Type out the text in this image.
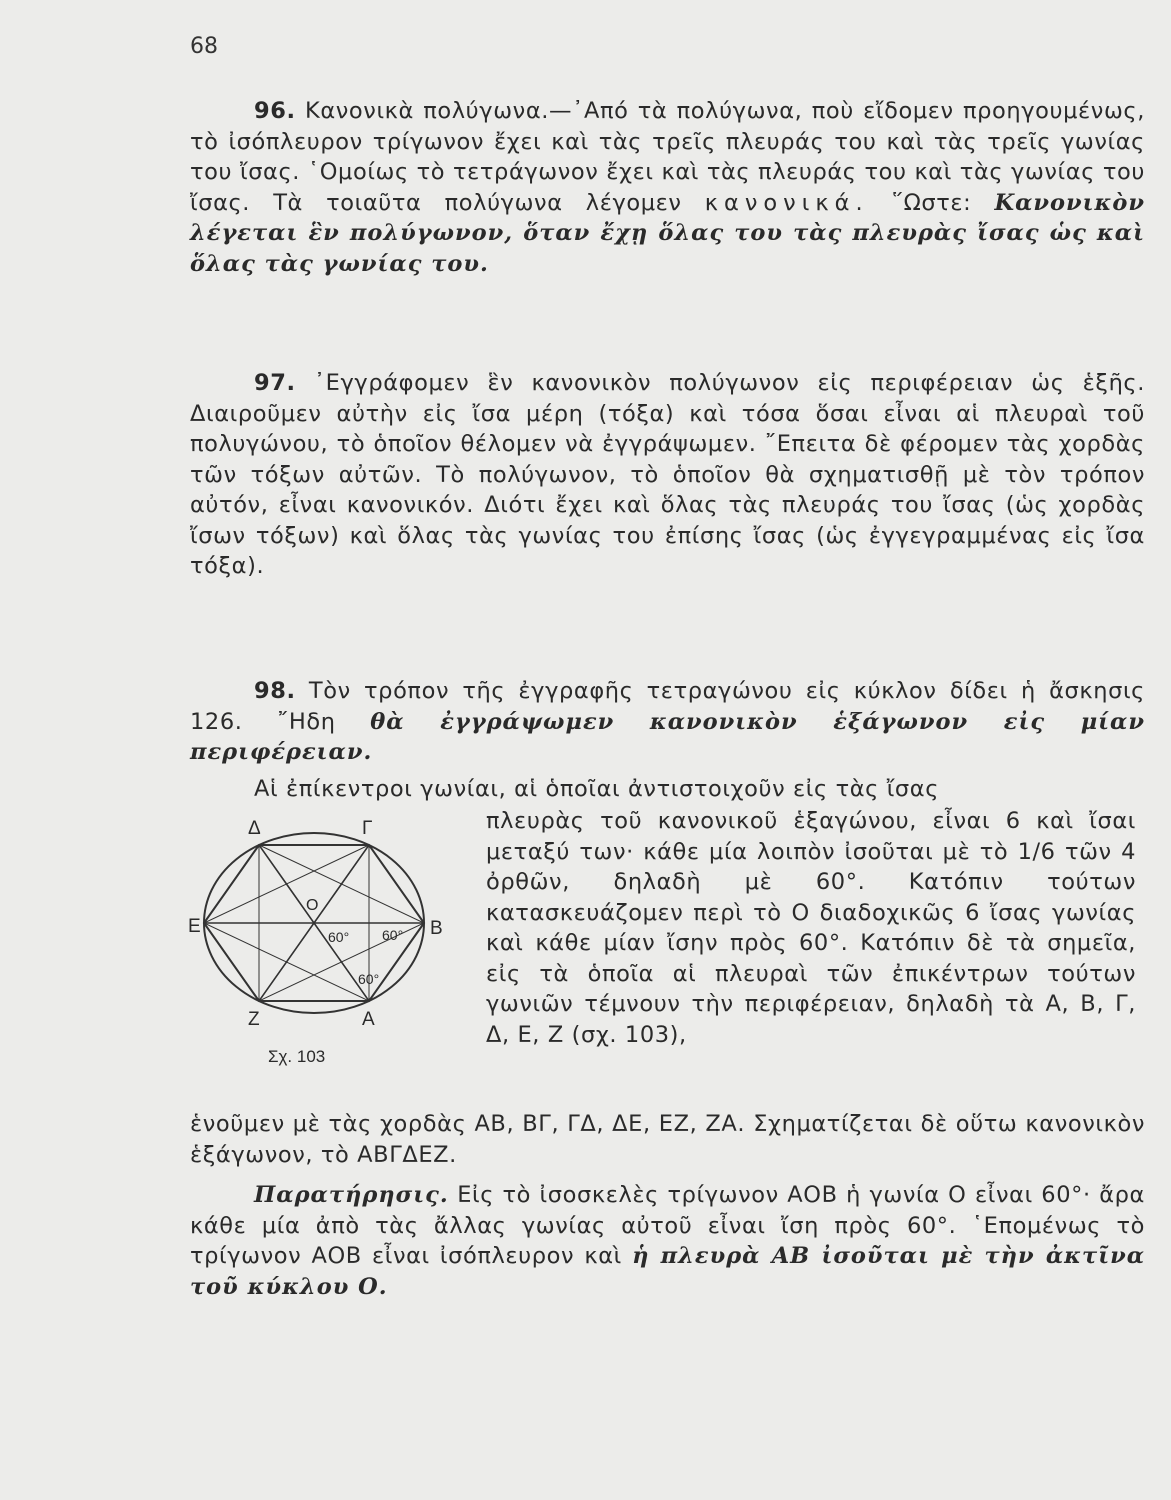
68

96. Κανονικὰ πολύγωνα.—᾿Από τὰ πολύγωνα, ποὺ εἴδομεν προηγουμένως, τὸ ἰσόπλευρον τρίγωνον ἔχει καὶ τὰς τρεῖς πλευράς του καὶ τὰς τρεῖς γωνίας του ἴσας. ῾Ομοίως τὸ τετράγωνον ἔχει καὶ τὰς πλευράς του καὶ τὰς γωνίας του ἴσας. Τὰ τοιαῦτα πολύγωνα λέγομεν κανονικά. ῞Ωστε: Κανονικὸν λέγεται ἓν πολύγωνον, ὅταν ἔχῃ ὅλας του τὰς πλευρὰς ἴσας ὡς καὶ ὅλας τὰς γωνίας του.

97. ᾿Εγγράφομεν ἓν κανονικὸν πολύγωνον εἰς περιφέρειαν ὡς ἑξῆς. Διαιροῦμεν αὐτὴν εἰς ἴσα μέρη (τόξα) καὶ τόσα ὅσαι εἶναι αἱ πλευραὶ τοῦ πολυγώνου, τὸ ὁποῖον θέλομεν νὰ ἐγγράψωμεν. ῎Επειτα δὲ φέρομεν τὰς χορδὰς τῶν τόξων αὐτῶν. Τὸ πολύγωνον, τὸ ὁποῖον θὰ σχηματισθῇ μὲ τὸν τρόπον αὐτόν, εἶναι κανονικόν. Διότι ἔχει καὶ ὅλας τὰς πλευράς του ἴσας (ὡς χορδὰς ἴσων τόξων) καὶ ὅλας τὰς γωνίας του ἐπίσης ἴσας (ὡς ἐγγεγραμμένας εἰς ἴσα τόξα).

98. Τὸν τρόπον τῆς ἐγγραφῆς τετραγώνου εἰς κύκλον δίδει ἡ ἄσκησις 126. ῎Ηδη θὰ ἐγγράψωμεν κανονικὸν ἑξάγωνον εἰς μίαν περιφέρειαν.

Αἱ ἐπίκεντροι γωνίαι, αἱ ὁποῖαι ἀντιστοιχοῦν εἰς τὰς ἴσας

πλευρὰς τοῦ κανονικοῦ ἑξαγώνου, εἶναι 6 καὶ ἴσαι μεταξύ των· κάθε μία λοιπὸν ἰσοῦται μὲ τὸ 1/6 τῶν 4 ὀρθῶν, δηλαδὴ μὲ 60°. Κατόπιν τούτων κατασκευάζομεν περὶ τὸ Ο διαδοχικῶς 6 ἴσας γωνίας καὶ κάθε μίαν ἴσην πρὸς 60°. Κατόπιν δὲ τὰ σημεῖα, εἰς τὰ ὁποῖα αἱ πλευραὶ τῶν ἐπικέντρων τούτων γωνιῶν τέμνουν τὴν περιφέρειαν, δηλαδὴ τὰ Α, Β, Γ, Δ, Ε, Ζ (σχ. 103),

Δ	Γ
Ε	Β
Ζ	Α
O
60° 60°
60°
Σχ. 103

ἑνοῦμεν μὲ τὰς χορδὰς ΑΒ, ΒΓ, ΓΔ, ΔΕ, ΕΖ, ΖΑ. Σχηματίζεται δὲ οὕτω κανονικὸν ἑξάγωνον, τὸ ΑΒΓΔΕΖ.

Παρατήρησις. Εἰς τὸ ἰσοσκελὲς τρίγωνον ΑΟΒ ἡ γωνία Ο εἶναι 60°· ἄρα κάθε μία ἀπὸ τὰς ἄλλας γωνίας αὐτοῦ εἶναι ἴση πρὸς 60°. ῾Επομένως τὸ τρίγωνον ΑΟΒ εἶναι ἰσόπλευρον καὶ ἡ πλευρὰ ΑΒ ἰσοῦται μὲ τὴν ἀκτῖνα τοῦ κύκλου Ο.
